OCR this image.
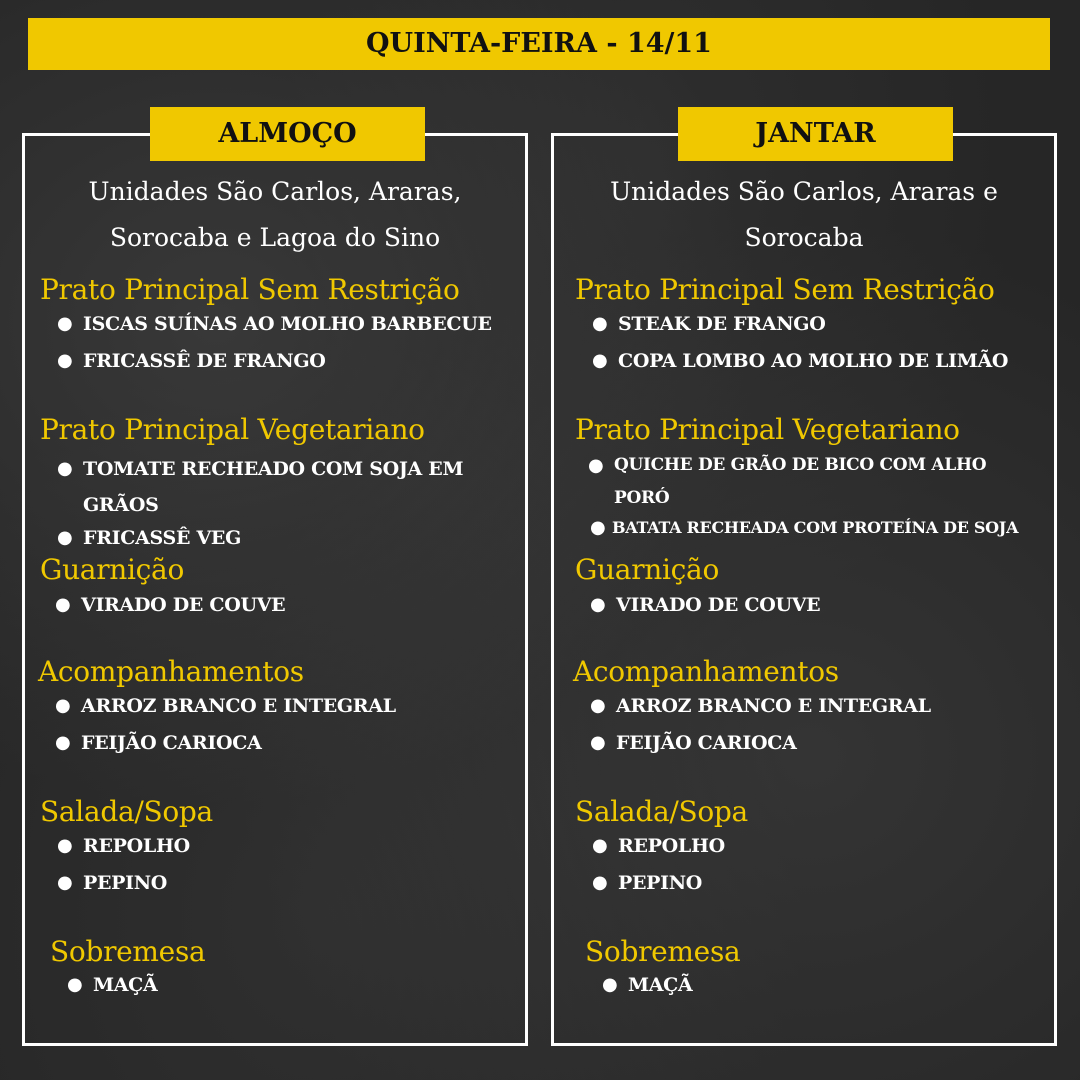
QUINTA-FEIRA - 14/11
ALMOÇO
Unidades São Carlos, Araras,
Sorocaba e Lagoa do Sino
Prato Principal Sem Restrição
● ISCAS SUÍNAS AO MOLHO BARBECUE
● FRICASSÊ DE FRANGO
Prato Principal Vegetariano
● TOMATE RECHEADO COM SOJA EM
GRÃOS
● FRICASSÊ VEG
Guarnição
● VIRADO DE COUVE
Acompanhamentos
● ARROZ BRANCO E INTEGRAL
● FEIJÃO CARIOCA
Salada/Sopa
● REPOLHO
● PEPINO
Sobremesa
● MAÇÃ
JANTAR
Unidades São Carlos, Araras e
Sorocaba
Prato Principal Sem Restrição
● STEAK DE FRANGO
● COPA LOMBO AO MOLHO DE LIMÃO
Prato Principal Vegetariano
● QUICHE DE GRÃO DE BICO COM ALHO
PORÓ
● BATATA RECHEADA COM PROTEÍNA DE SOJA
Guarnição
● VIRADO DE COUVE
Acompanhamentos
● ARROZ BRANCO E INTEGRAL
● FEIJÃO CARIOCA
Salada/Sopa
● REPOLHO
● PEPINO
Sobremesa
● MAÇÃ
